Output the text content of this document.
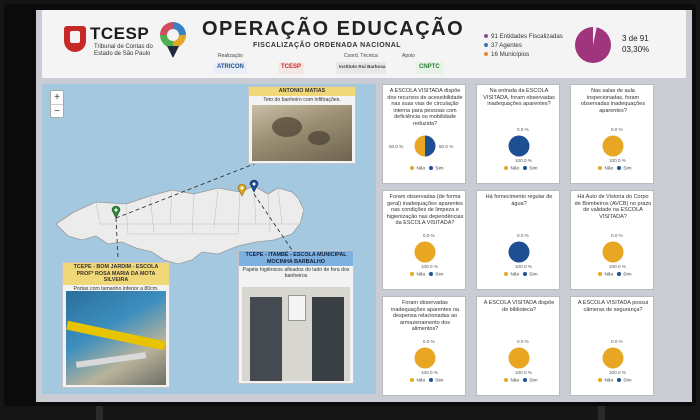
TCESP
Tribunal de Contas do Estado de São Paulo
OPERAÇÃO EDUCAÇÃO
FISCALIZAÇÃO ORDENADA NACIONAL
Realização	Coord. Técnica	Apoio
ATRICON	TCESP	Instituto Rui Barbosa	CNPTC
91 Entidades Fiscalizadas
37 Agentes
16 Municípios
3 de 91
03,30%
+
−
ANTONIO MATIAS
Teto do banheiro com infiltrações.
TCEPE - BOM JARDIM - ESCOLA PROFº ROSA MARIA DA MOTA SILVEIRA
Portas com tamanho inferior a 80cm.
TCEPE - ITAMBÉ - ESCOLA MUNICIPAL MOCINHA BARBALHO
Papéis higiênicos afixados do lado de fora dos banheiros
A ESCOLA VISITADA dispõe dos recursos de acessibilidade nas suas vias de circulação interna para pessoas com deficiência ou mobilidade reduzida?
50.0 %	50.0 %
Não Sim
Na entrada da ESCOLA VISITADA, foram observadas inadequações aparentes?
0.0 %
100.0 %
Não Sim
Nas salas de aula inspecionadas, foram observadas inadequações aparentes?
100.0 %
0.0 %
Não Sim
Foram observadas (de forma geral) inadequações aparentes nas condições de limpeza e higienização nas dependências da ESCOLA VISITADA?
100.0 %
0.0 %
Não Sim
Há fornecimento regular de água?
0.0 %
100.0 %
Não Sim
Há Auto de Vistoria do Corpo de Bombeiros (AVCB) no prazo de validade na ESCOLA VISITADA?
100.0 %
0.0 %
Não Sim
Foram observadas inadequações aparentes na despensa relacionadas ao armazenamento dos alimentos?
100.0 %
0.0 %
Não Sim
A ESCOLA VISITADA dispõe de biblioteca?
100.0 %
0.0 %
Não Sim
A ESCOLA VISITADA possui câmeras de segurança?
100.0 %
0.0 %
Não Sim
